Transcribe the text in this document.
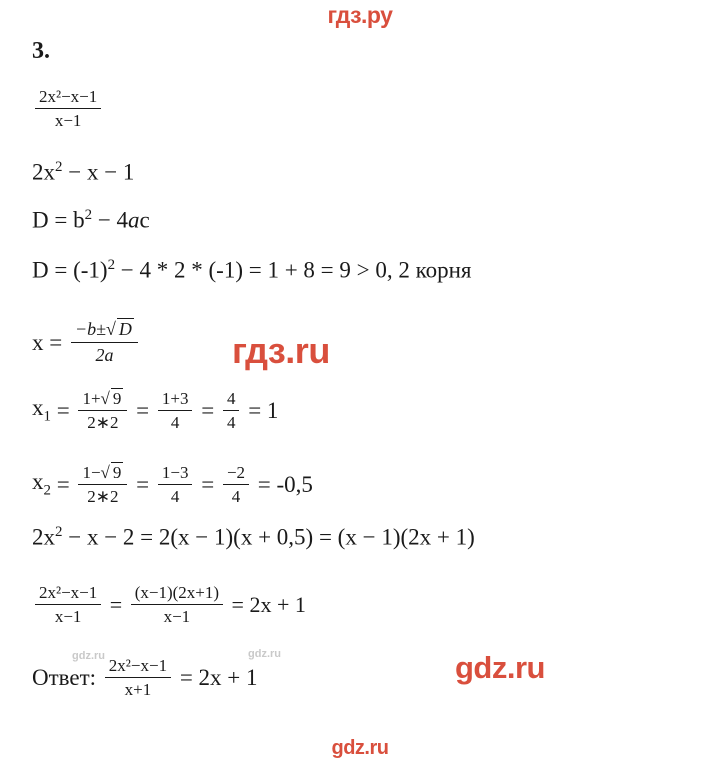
гдз.ру
гдз.ru
gdz.ru
gdz.ru
gdz.ru	gdz.ru
3.
$\frac{\text{2x²−x−1}}{x-1}$
$2x^2 - x - 1$
$D = b^2 - 4ac$
$D = (-1)^2 - 4 * 2 * (-1) = 1 + 8 = 9 > 0$, 2 корня
$x = \frac{-b\pm√ D}{2a}$
$x_1 = \frac{1+√ 9}{2∗2} = \frac{1+3}{4} = \frac{4}{4} = 1$
$x_2 = \frac{1-√ 9}{2∗2} = \frac{1-3}{4} = \frac{-2}{4} = -0,5$
$2x^2 - x - 2 = 2(x - 1)(x + 0,5) = (x - 1)(2x + 1)$
$\frac{\text{2x²−x−1}}{x-1} = \frac{(x-1)(2x+1)}{x-1} = 2x + 1$
Ответ: $\frac{\text{2x²−x−1}}{x+1} = 2x + 1$
